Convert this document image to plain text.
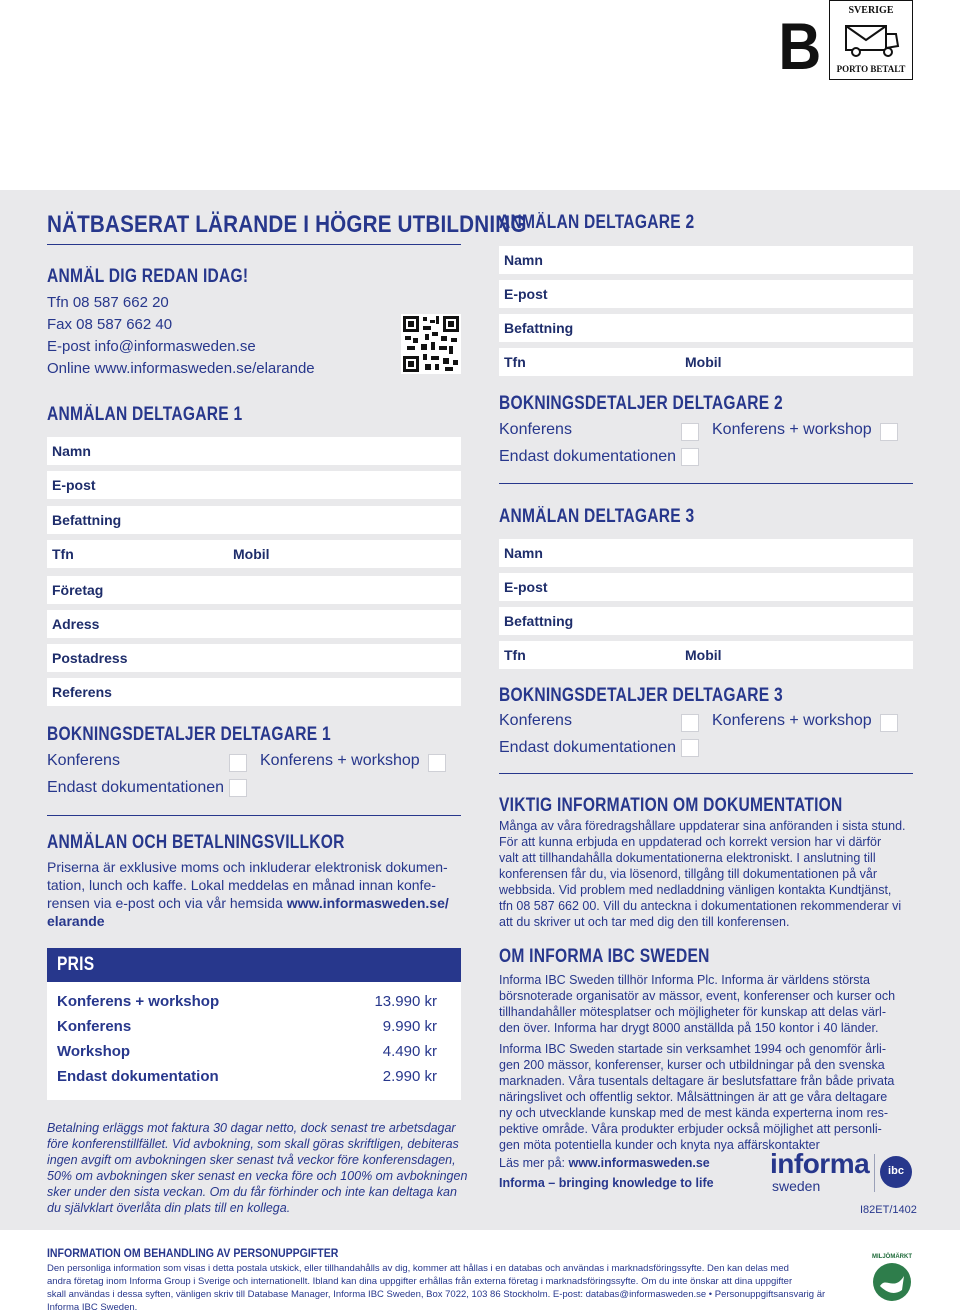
B	SVERIGE
PORTO BETALT
NÄTBASERAT LÄRANDE I HÖGRE UTBILDNING
ANMÄL DIG REDAN IDAG!
Tfn 08 587 662 20
Fax 08 587 662 40
E-post info@informasweden.se
Online www.informasweden.se/elarande
ANMÄLAN DELTAGARE 1
Namn
E-post
Befattning
Tfn	Mobil
Företag
Adress
Postadress
Referens
BOKNINGSDETALJER DELTAGARE 1
Konferens	Konferens + workshop
Endast dokumentationen
ANMÄLAN OCH BETALNINGSVILLKOR
Priserna är exklusive moms och inkluderar elektronisk dokumen-
tation, lunch och kaffe. Lokal meddelas en månad innan konfe-
rensen via e-post och via vår hemsida www.informasweden.se/
elarande
PRIS
Konferens + workshop	13.990 kr
Konferens	9.990 kr
Workshop	4.490 kr
Endast dokumentation	2.990 kr
Betalning erläggs mot faktura 30 dagar netto, dock senast tre arbetsdagar
före konferenstillfället. Vid avbokning, som skall göras skriftligen, debiteras
ingen avgift om avbokningen sker senast två veckor före konferensdagen,
50% om avbokningen sker senast en vecka före och 100% om avbokningen
sker under den sista veckan. Om du får förhinder och inte kan deltaga kan
du självklart överlåta din plats till en kollega.
ANMÄLAN DELTAGARE 2
Namn
E-post
Befattning
Tfn	Mobil
BOKNINGSDETALJER DELTAGARE 2
Konferens	Konferens + workshop
Endast dokumentationen
ANMÄLAN DELTAGARE 3
Namn
E-post
Befattning
Tfn	Mobil
BOKNINGSDETALJER DELTAGARE 3
Konferens	Konferens + workshop
Endast dokumentationen
VIKTIG INFORMATION OM DOKUMENTATION
Många av våra föredragshållare uppdaterar sina anföranden i sista stund.
För att kunna erbjuda en uppdaterad och korrekt version har vi därför
valt att tillhandahålla dokumentationerna elektroniskt. I anslutning till
konferensen får du, via lösenord, tillgång till dokumentationen på vår
webbsida. Vid problem med nedladdning vänligen kontakta Kundtjänst,
tfn 08 587 662 00. Vill du anteckna i dokumentationen rekommenderar vi
att du skriver ut och tar med dig den till konferensen.
OM INFORMA IBC SWEDEN
Informa IBC Sweden tillhör Informa Plc. Informa är världens största
börsnoterade organisatör av mässor, event, konferenser och kurser och
tillhandahåller mötesplatser och möjligheter för kunskap att delas värl-
den över. Informa har drygt 8000 anställda på 150 kontor i 40 länder.
Informa IBC Sweden startade sin verksamhet 1994 och genomför årli-
gen 200 mässor, konferenser, kurser och utbildningar på den svenska
marknaden. Våra tusentals deltagare är beslutsfattare från både privata
näringslivet och offentlig sektor. Målsättningen är att ge våra deltagare
ny och utvecklande kunskap med de mest kända experterna inom res-
pektive område. Våra produkter erbjuder också möjlighet att personli-
gen möta potentiella kunder och knyta nya affärskontakter
Läs mer på: www.informasweden.se
Informa – bringing knowledge to life
informa
sweden
ibc
I82ET/1402
INFORMATION OM BEHANDLING AV PERSONUPPGIFTER
Den personliga information som visas i detta postala utskick, eller tillhandahålls av dig, kommer att hållas i en databas och användas i marknadsföringssyfte. Den kan delas med
andra företag inom Informa Group i Sverige och internationellt. Ibland kan dina uppgifter erhållas från externa företag i marknadsföringssyfte. Om du inte önskar att dina uppgifter
skall användas i dessa syften, vänligen skriv till Database Manager, Informa IBC Sweden, Box 7022, 103 86 Stockholm. E-post: databas@informasweden.se • Personuppgiftsansvarig är
Informa IBC Sweden.
MILJÖMÄRKT
